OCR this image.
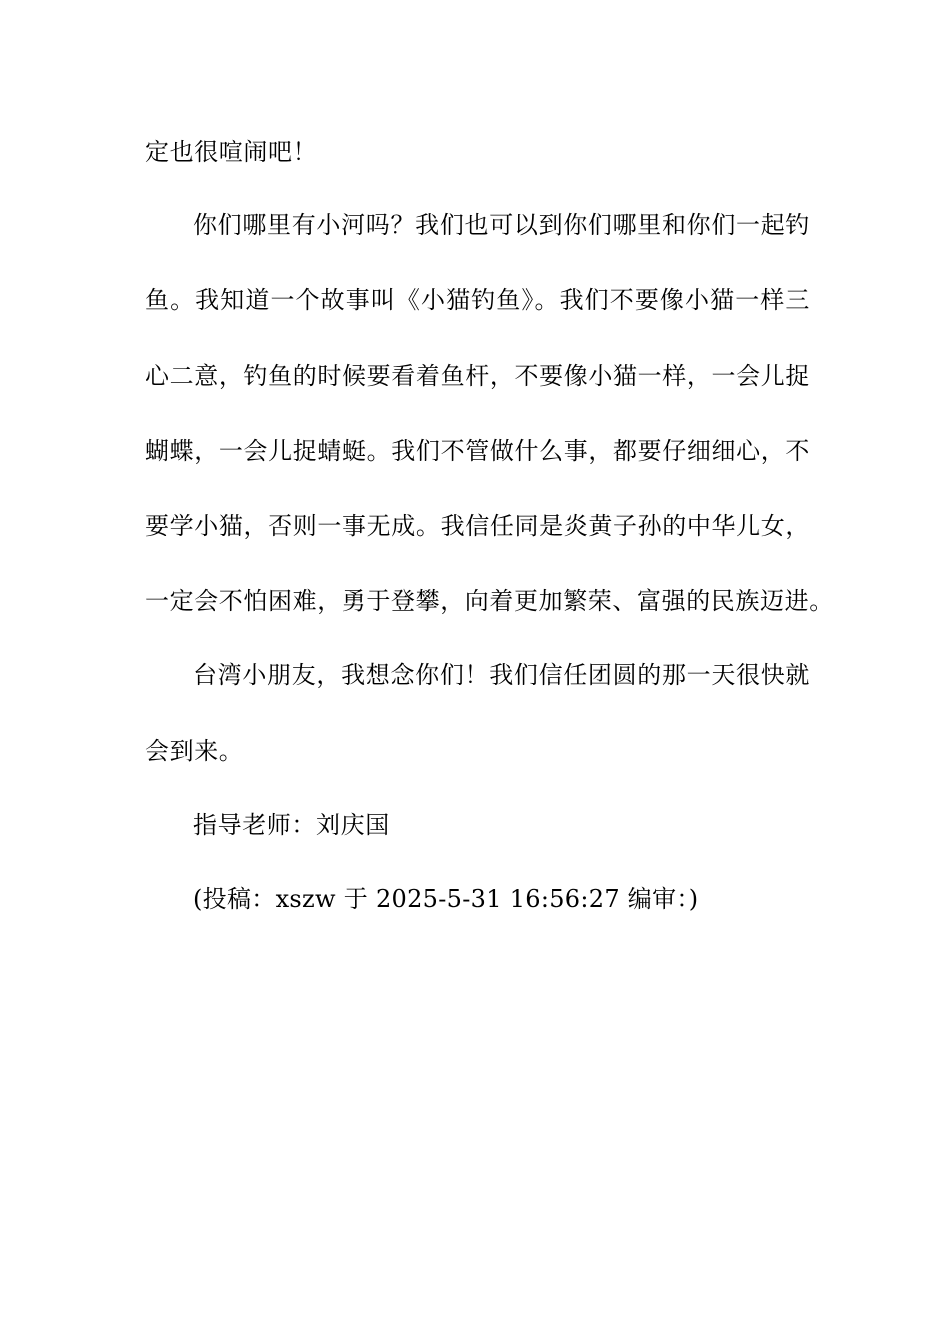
定也很喧闹吧！
你们哪里有小河吗？我们也可以到你们哪里和你们一起钓
鱼。我知道一个故事叫《小猫钓鱼》。我们不要像小猫一样三
心二意，钓鱼的时候要看着鱼杆，不要像小猫一样，一会儿捉
蝴蝶，一会儿捉蜻蜓。我们不管做什么事，都要仔细细心，不
要学小猫，否则一事无成。我信任同是炎黄子孙的中华儿女，
一定会不怕困难，勇于登攀，向着更加繁荣、富强的民族迈进。
台湾小朋友，我想念你们！我们信任团圆的那一天很快就
会到来。
指导老师：刘庆国
(投稿：xszw 于 2025-5-31 16:56:27 编审：)
